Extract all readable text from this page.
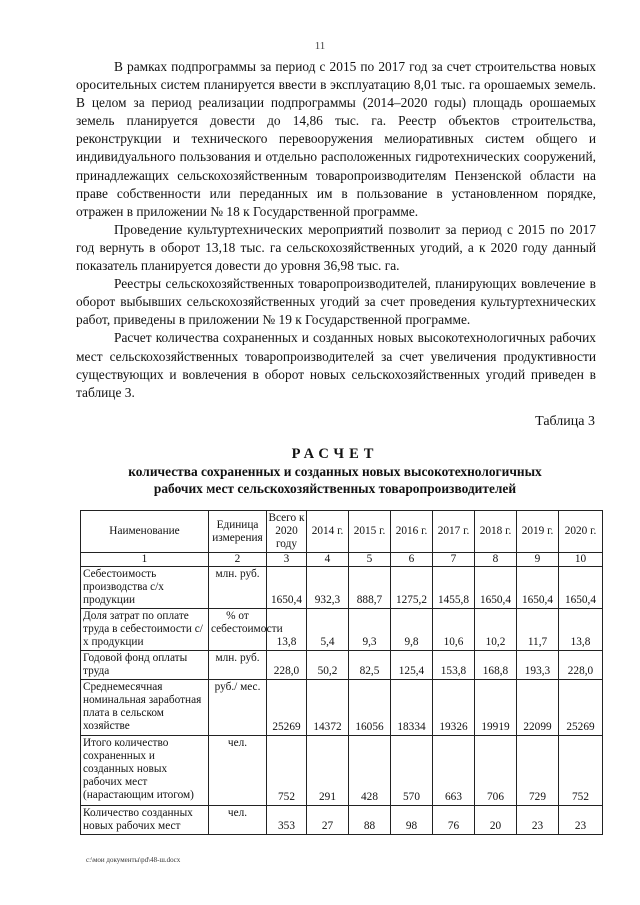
11

В рамках подпрограммы за период с 2015 по 2017 год за счет строительства новых оросительных систем планируется ввести в эксплуатацию 8,01 тыс. га орошаемых земель. В целом за период реализации подпрограммы (2014–2020 годы) площадь орошаемых земель планируется довести до 14,86 тыс. га. Реестр объектов строительства, реконструкции и технического перевооружения мелиоративных систем общего и индивидуального пользования и отдельно расположенных гидротехнических сооружений, принадлежащих сельскохозяйственным товаропроизводителям Пензенской области на праве собственности или переданных им в пользование в установленном порядке, отражен в приложении № 18 к Государственной программе.

Проведение культуртехнических мероприятий позволит за период с 2015 по 2017 год вернуть в оборот 13,18 тыс. га сельскохозяйственных угодий, а к 2020 году данный показатель планируется довести до уровня 36,98 тыс. га.

Реестры сельскохозяйственных товаропроизводителей, планирующих вовлечение в оборот выбывших сельскохозяйственных угодий за счет проведения культуртехнических работ, приведены в приложении № 19 к Государственной программе.

Расчет количества сохраненных и созданных новых высокотехнологичных рабочих мест сельскохозяйственных товаропроизводителей за счет увеличения продуктивности существующих и вовлечения в оборот новых сельскохозяйственных угодий приведен в таблице 3.

Таблица 3
РАСЧЕТ
количества сохраненных и созданных новых высокотехнологичных
рабочих мест сельскохозяйственных товаропроизводителей
Наименование	Единица измерения	Всего к 2020 году	2014 г.	2015 г.	2016 г.	2017 г.	2018 г.	2019 г.	2020 г.
1	2	3	4	5	6	7	8	9	10
Себестоимость производства с/х продукции	млн. руб.	1650,4	932,3	888,7	1275,2	1455,8	1650,4	1650,4	1650,4
Доля затрат по оплате труда в себестоимости с/х продукции	% от себестоимости	13,8	5,4	9,3	9,8	10,6	10,2	11,7	13,8
Годовой фонд оплаты труда	млн. руб.	228,0	50,2	82,5	125,4	153,8	168,8	193,3	228,0
Среднемесячная номинальная заработная плата в сельском хозяйстве	руб./ мес.	25269	14372	16056	18334	19326	19919	22099	25269
Итого количество сохраненных и созданных новых рабочих мест (нарастающим итогом)	чел.	752	291	428	570	663	706	729	752
Количество созданных новых рабочих мест	чел.	353	27	88	98	76	20	23	23
c:\мои документы\pd\48-ш.docx
